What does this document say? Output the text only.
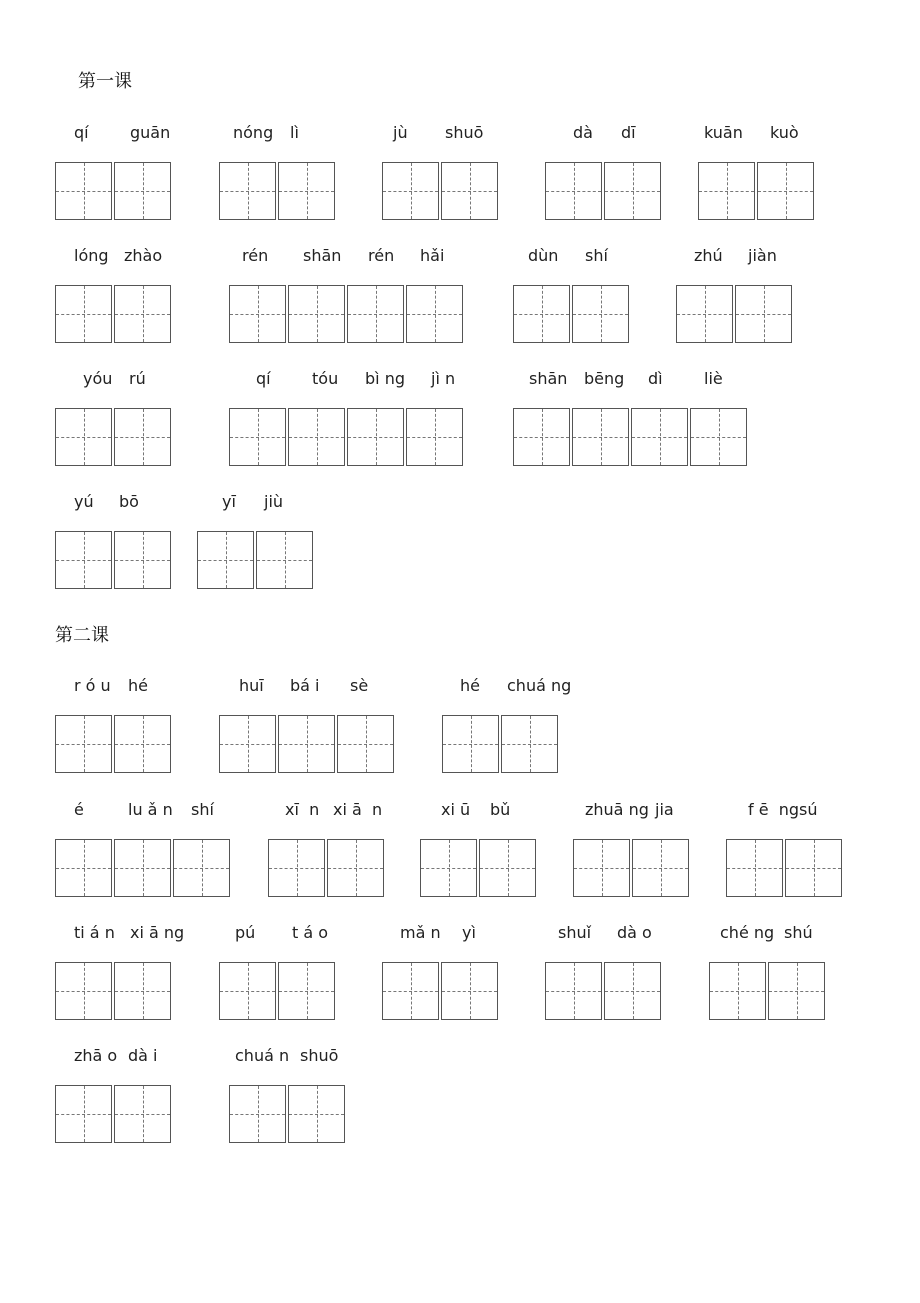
第一课
qí	guān	nóng lì	jù shuō	dà dī	kuān kuò
lóng zhào	rén shān rén hǎi	dùn shí	zhú jiàn
yóu rú	qí	tóu bì ng jì n	shān bēng dì	liè
yú bō	yī jiù
第二课
r ó u hé	huī bá i sè	hé chuá ng
é	lu ǎ n shí	xī  n xi ā  n	xi ū bǔ	zhuā ng jia	f ē  ng sú
ti á n xi ā ng	pú t á o	mǎ n yì	shuǐ dà o	ché ng shú
zhā o dà i	chuá n shuō
